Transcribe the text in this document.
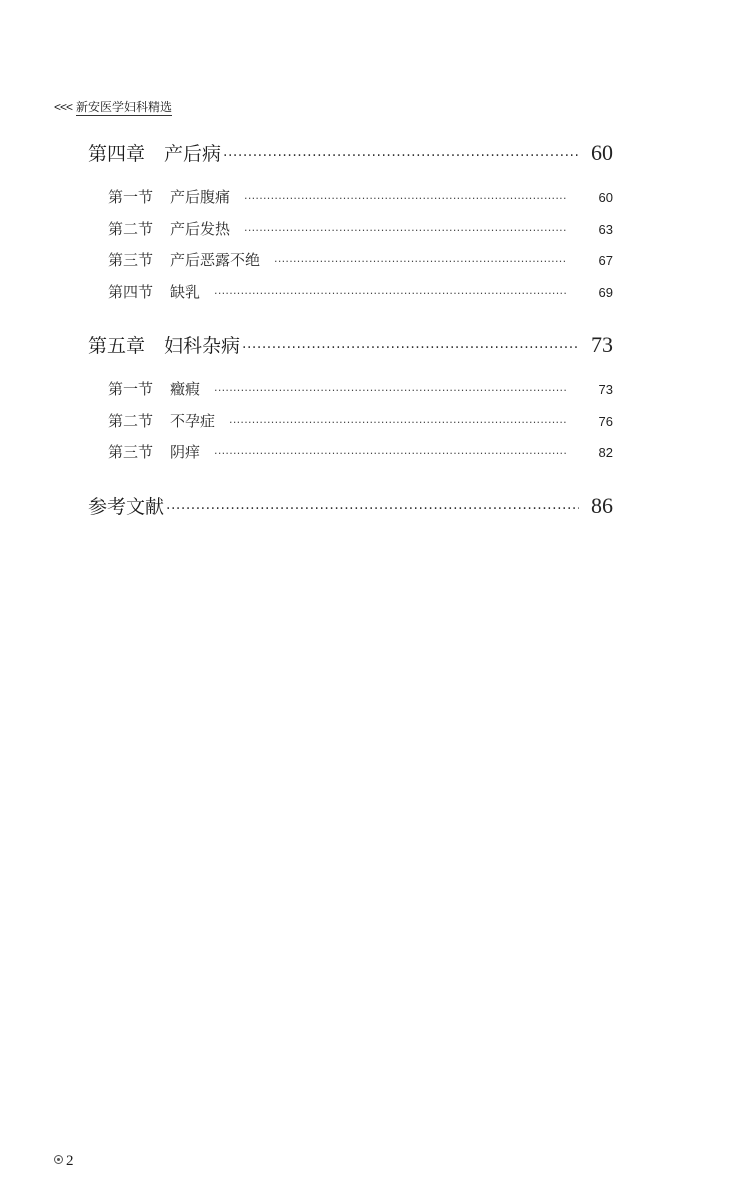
<<< 新安医学妇科精选
第四章 产后病 ·····	60
第一节 产后腹痛 ·····	60
第二节 产后发热 ·····	63
第三节 产后恶露不绝 ·····	67
第四节 缺乳 ·····	69
第五章 妇科杂病 ·····	73
第一节 癥瘕 ·····	73
第二节 不孕症 ·····	76
第三节 阴痒 ·····	82
参考文献 ·····	86
2
